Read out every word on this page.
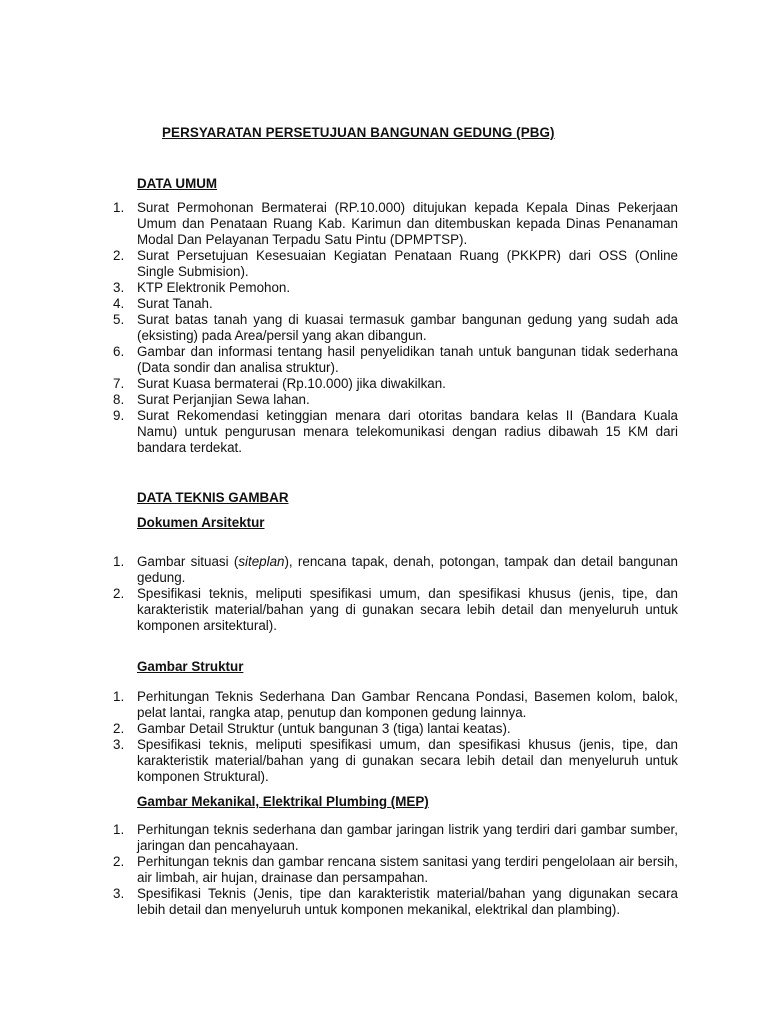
PERSYARATAN PERSETUJUAN BANGUNAN GEDUNG (PBG)
DATA UMUM
1. Surat Permohonan Bermaterai (RP.10.000) ditujukan kepada Kepala Dinas Pekerjaan Umum dan Penataan Ruang Kab. Karimun dan ditembuskan kepada Dinas Penanaman Modal Dan Pelayanan Terpadu Satu Pintu (DPMPTSP).
2. Surat Persetujuan Kesesuaian Kegiatan Penataan Ruang (PKKPR) dari OSS (Online Single Submision).
3. KTP Elektronik Pemohon.
4. Surat Tanah.
5. Surat batas tanah yang di kuasai termasuk gambar bangunan gedung yang sudah ada (eksisting) pada Area/persil yang akan dibangun.
6. Gambar dan informasi tentang hasil penyelidikan tanah untuk bangunan tidak sederhana (Data sondir dan analisa struktur).
7. Surat Kuasa bermaterai (Rp.10.000) jika diwakilkan.
8. Surat Perjanjian Sewa lahan.
9. Surat Rekomendasi ketinggian menara dari otoritas bandara kelas II (Bandara Kuala Namu) untuk pengurusan menara telekomunikasi dengan radius dibawah 15 KM dari bandara terdekat.
DATA TEKNIS GAMBAR
Dokumen Arsitektur
1. Gambar situasi (siteplan), rencana tapak, denah, potongan, tampak dan detail bangunan gedung.
2. Spesifikasi teknis, meliputi spesifikasi umum, dan spesifikasi khusus (jenis, tipe, dan karakteristik material/bahan yang di gunakan secara lebih detail dan menyeluruh untuk komponen arsitektural).
Gambar Struktur
1. Perhitungan Teknis Sederhana Dan Gambar Rencana Pondasi, Basemen kolom, balok, pelat lantai, rangka atap, penutup dan komponen gedung lainnya.
2. Gambar Detail Struktur (untuk bangunan 3 (tiga) lantai keatas).
3. Spesifikasi teknis, meliputi spesifikasi umum, dan spesifikasi khusus (jenis, tipe, dan karakteristik material/bahan yang di gunakan secara lebih detail dan menyeluruh untuk komponen Struktural).
Gambar Mekanikal, Elektrikal Plumbing (MEP)
1. Perhitungan teknis sederhana dan gambar jaringan listrik yang terdiri dari gambar sumber, jaringan dan pencahayaan.
2. Perhitungan teknis dan gambar rencana sistem sanitasi yang terdiri pengelolaan air bersih, air limbah, air hujan, drainase dan persampahan.
3. Spesifikasi Teknis (Jenis, tipe dan karakteristik material/bahan yang digunakan secara lebih detail dan menyeluruh untuk komponen mekanikal, elektrikal dan plambing).
